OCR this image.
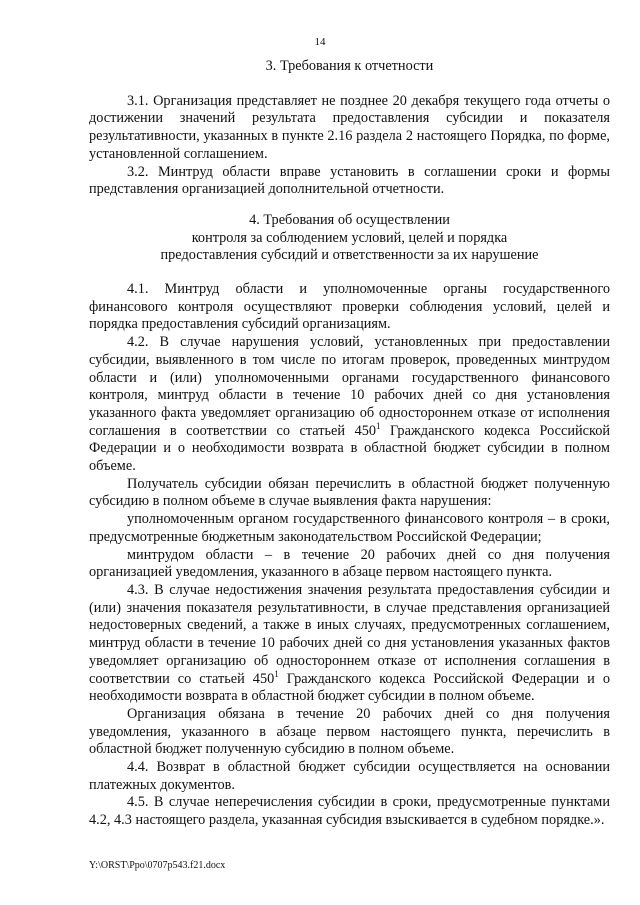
14
3. Требования к отчетности

3.1. Организация представляет не позднее 20 декабря текущего года отчеты о достижении значений результата предоставления субсидии и показателя результативности, указанных в пункте 2.16 раздела 2 настоящего Порядка, по форме, установленной соглашением.

3.2. Минтруд области вправе установить в соглашении сроки и формы представления организацией дополнительной отчетности.

4. Требования об осуществлении
контроля за соблюдением условий, целей и порядка
предоставления субсидий и ответственности за их нарушение

4.1. Минтруд области и уполномоченные органы государственного финансового контроля осуществляют проверки соблюдения условий, целей и порядка предоставления субсидий организациям.

4.2. В случае нарушения условий, установленных при предоставлении субсидии, выявленного в том числе по итогам проверок, проведенных минтрудом области и (или) уполномоченными органами государственного финансового контроля, минтруд области в течение 10 рабочих дней со дня установления указанного факта уведомляет организацию об одностороннем отказе от исполнения соглашения в соответствии со статьей $450^1$ Гражданского кодекса Российской Федерации и о необходимости возврата в областной бюджет субсидии в полном объеме.

Получатель субсидии обязан перечислить в областной бюджет полученную субсидию в полном объеме в случае выявления факта нарушения:

уполномоченным органом государственного финансового контроля – в сроки, предусмотренные бюджетным законодательством Российской Федерации;

минтрудом области – в течение 20 рабочих дней со дня получения организацией уведомления, указанного в абзаце первом настоящего пункта.

4.3. В случае недостижения значения результата предоставления субсидии и (или) значения показателя результативности, в случае представления организацией недостоверных сведений, а также в иных случаях, предусмотренных соглашением, минтруд области в течение 10 рабочих дней со дня установления указанных фактов уведомляет организацию об одностороннем отказе от исполнения соглашения в соответствии со статьей $450^1$ Гражданского кодекса Российской Федерации и о необходимости возврата в областной бюджет субсидии в полном объеме.

Организация обязана в течение 20 рабочих дней со дня получения уведомления, указанного в абзаце первом настоящего пункта, перечислить в областной бюджет полученную субсидию в полном объеме.

4.4. Возврат в областной бюджет субсидии осуществляется на основании платежных документов.

4.5. В случае неперечисления субсидии в сроки, предусмотренные пунктами 4.2, 4.3 настоящего раздела, указанная субсидия взыскивается в судебном порядке.».

Y:\ORST\Ppo\0707p543.f21.docx
